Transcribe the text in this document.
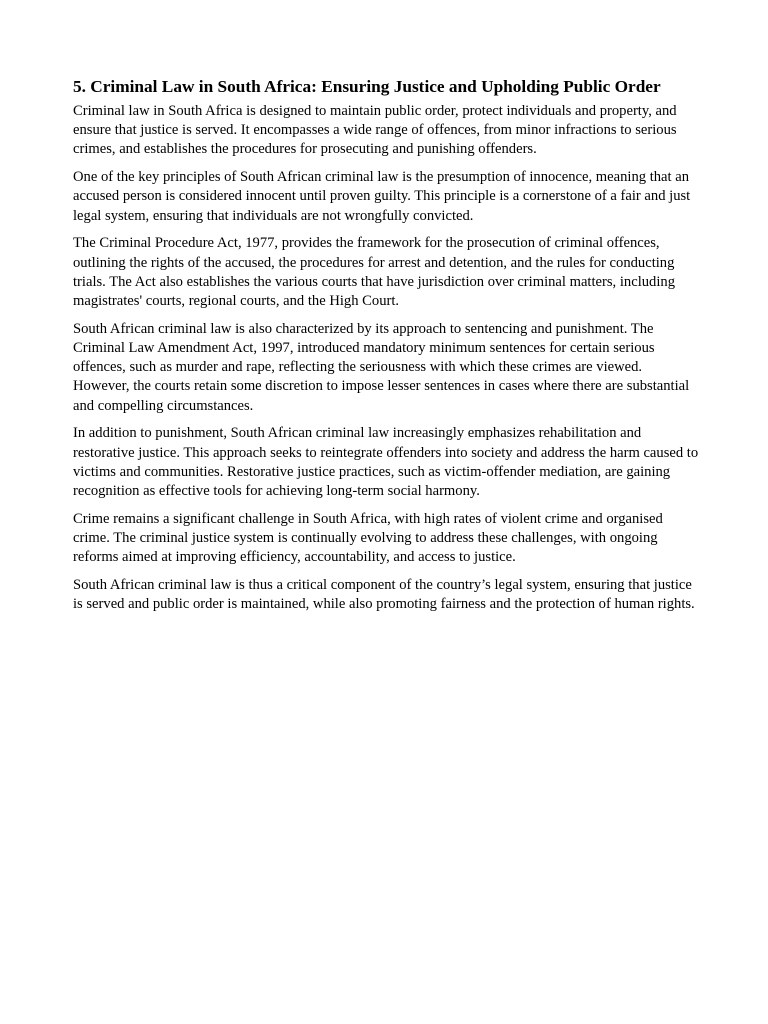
5. Criminal Law in South Africa: Ensuring Justice and Upholding Public Order

Criminal law in South Africa is designed to maintain public order, protect individuals and property, and ensure that justice is served. It encompasses a wide range of offences, from minor infractions to serious crimes, and establishes the procedures for prosecuting and punishing offenders.

One of the key principles of South African criminal law is the presumption of innocence, meaning that an accused person is considered innocent until proven guilty. This principle is a cornerstone of a fair and just legal system, ensuring that individuals are not wrongfully convicted.

The Criminal Procedure Act, 1977, provides the framework for the prosecution of criminal offences, outlining the rights of the accused, the procedures for arrest and detention, and the rules for conducting trials. The Act also establishes the various courts that have jurisdiction over criminal matters, including magistrates' courts, regional courts, and the High Court.

South African criminal law is also characterized by its approach to sentencing and punishment. The Criminal Law Amendment Act, 1997, introduced mandatory minimum sentences for certain serious offences, such as murder and rape, reflecting the seriousness with which these crimes are viewed. However, the courts retain some discretion to impose lesser sentences in cases where there are substantial and compelling circumstances.

In addition to punishment, South African criminal law increasingly emphasizes rehabilitation and restorative justice. This approach seeks to reintegrate offenders into society and address the harm caused to victims and communities. Restorative justice practices, such as victim-offender mediation, are gaining recognition as effective tools for achieving long-term social harmony.

Crime remains a significant challenge in South Africa, with high rates of violent crime and organised crime. The criminal justice system is continually evolving to address these challenges, with ongoing reforms aimed at improving efficiency, accountability, and access to justice.

South African criminal law is thus a critical component of the country’s legal system, ensuring that justice is served and public order is maintained, while also promoting fairness and the protection of human rights.
